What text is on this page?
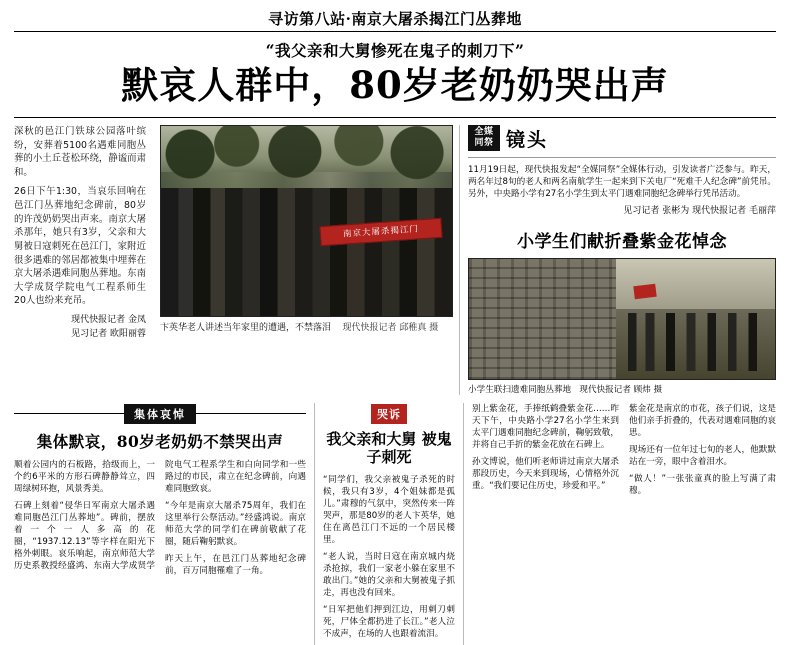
寻访第八站·南京大屠杀揭江门丛葬地
“我父亲和大舅惨死在鬼子的刺刀下”
默哀人群中，80岁老奶奶哭出声

深秋的邑江门铁球公园落叶缤纷，安葬着5100名遇难同胞丛葬的小土丘苍松环绕，静谧而肃和。

26日下午1:30，当哀乐回响在邑江门丛葬地纪念碑前，80岁的许茂奶奶哭出声来。南京大屠杀那年，她只有3岁，父亲和大舅被日寇刺死在邑江门，家附近很多遇难的邻居都被集中埋葬在京大屠杀遇难同胞丛葬地。东南大学成贤学院电气工程系师生20人也纷来充吊。

现代快报记者 金凤
见习记者 欧阳丽蓉
南京大屠杀揭江门
卞英华老人讲述当年家里的遭遇，不禁落泪 现代快报记者 邱稚真 摄
全媒同祭 镜头

11月19日起，现代快报发起“全媒同祭”全媒体行动，引发读者广泛参与。昨天，两名年过8旬的老人和两名南航学生一起来到下关电厂“死难千人纪念碑”前凭吊。另外，中央路小学有27名小学生到太平门遇难同胞纪念碑举行凭吊活动。

见习记者 张彬为 现代快报记者 毛丽萍
小学生们献折叠紫金花悼念
小学生联扫遗难同胞丛葬地 现代快报记者 顾炜 摄
集体哀悼
集体默哀，80岁老奶奶不禁哭出声

顺着公园内的石板路，拾级而上，一个约6平米的方形石碑静静耸立，四周绿树环抱，风景秀美。

石碑上刻着“侵华日军南京大屠杀遇难同胞邑江门丛葬地”。碑前，摆放着一个一人多高的花圈，“1937.12.13”等字样在阳光下格外刺眼。哀乐响起，南京师范大学历史系教授经盛鸿、东南大学成贤学院电气工程系学生和白向同学和一些路过的市民，肃立在纪念碑前，向遇难同胞致哀。

“今年是南京大屠杀75周年，我们在这里举行公祭活动。”经盛鸿说。南京师范大学的同学们在碑前敬献了花圈，随后鞠躬默哀。

昨天上午，在邑江门丛葬地纪念碑前，百万同胞罹难了一角。

哭诉
我父亲和大舅 被鬼子刺死

“同学们，我父亲被鬼子杀死的时候，我只有3岁，4个姐妹都是孤儿。”肃穆的气氛中，突然传来一阵哭声，那是80岁的老人卞英华，她住在离邑江门不远的一个居民楼里。

“老人说，当时日寇在南京城内烧杀抢掠，我们一家老小躲在家里不敢出门。”她的父亲和大舅被鬼子抓走，再也没有回来。

“日军把他们押到江边，用刺刀刺死，尸体全都扔进了长江。”老人泣不成声，在场的人也跟着流泪。

别上紫金花，手捧纸鹤叠紫金花……昨天下午，中央路小学27名小学生来到太平门遇难同胞纪念碑前，鞠躬致敬，并将自己手折的紫金花放在石碑上。

孙文博说，他们听老师讲过南京大屠杀那段历史，今天来到现场，心情格外沉重。“我们要记住历史，珍爱和平。”

紫金花是南京的市花，孩子们说，这是他们亲手折叠的，代表对遇难同胞的哀思。

现场还有一位年过七旬的老人，他默默站在一旁，眼中含着泪水。

“做人！”一张张童真的脸上写满了肃穆。
